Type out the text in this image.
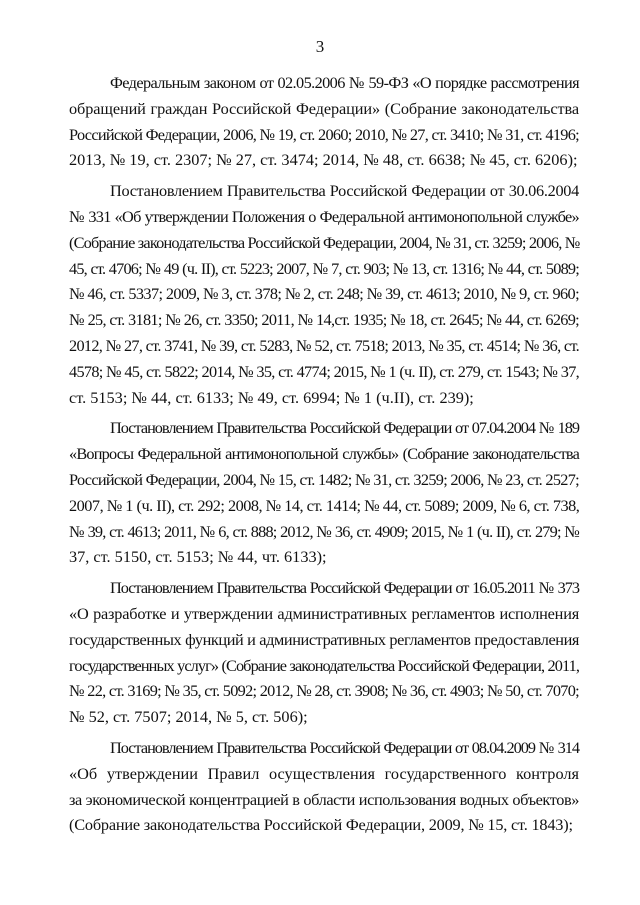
3

Федеральным законом от 02.05.2006 № 59-ФЗ «О порядке рассмотрения
обращений граждан Российской Федерации» (Собрание законодательства
Российской Федерации, 2006, № 19, ст. 2060; 2010, № 27, ст. 3410; № 31, ст. 4196;
2013, № 19, ст. 2307; № 27, ст. 3474; 2014, № 48, ст. 6638; № 45, ст. 6206);

Постановлением Правительства Российской Федерации от 30.06.2004
№ 331 «Об утверждении Положения о Федеральной антимонопольной службе»
(Собрание законодательства Российской Федерации, 2004, № 31, ст. 3259; 2006, №
45, ст. 4706; № 49 (ч. II), ст. 5223; 2007, № 7, ст. 903; № 13, ст. 1316; № 44, ст. 5089;
№ 46, ст. 5337; 2009, № 3, ст. 378; № 2, ст. 248; № 39, ст. 4613; 2010, № 9, ст. 960;
№ 25, ст. 3181; № 26, ст. 3350; 2011, № 14,ст. 1935; № 18, ст. 2645; № 44, ст. 6269;
2012, № 27, ст. 3741, № 39, ст. 5283, № 52, ст. 7518; 2013, № 35, ст. 4514; № 36, ст.
4578; № 45, ст. 5822; 2014, № 35, ст. 4774; 2015, № 1 (ч. II), ст. 279, ст. 1543; № 37,
ст. 5153; № 44, ст. 6133; № 49, ст. 6994; № 1 (ч.II), ст. 239);

Постановлением Правительства Российской Федерации от 07.04.2004 № 189
«Вопросы Федеральной антимонопольной службы» (Собрание законодательства
Российской Федерации, 2004, № 15, ст. 1482; № 31, ст. 3259; 2006, № 23, ст. 2527;
2007, № 1 (ч. II), ст. 292; 2008, № 14, ст. 1414; № 44, ст. 5089; 2009, № 6, ст. 738,
№ 39, ст. 4613; 2011, № 6, ст. 888; 2012, № 36, ст. 4909; 2015, № 1 (ч. II), ст. 279; №
37, ст. 5150, ст. 5153; № 44, чт. 6133);

Постановлением Правительства Российской Федерации от 16.05.2011 № 373
«О разработке и утверждении административных регламентов исполнения
государственных функций и административных регламентов предоставления
государственных услуг» (Собрание законодательства Российской Федерации, 2011,
№ 22, ст. 3169; № 35, ст. 5092; 2012, № 28, ст. 3908; № 36, ст. 4903; № 50, ст. 7070;
№ 52, ст. 7507; 2014, № 5, ст. 506);

Постановлением Правительства Российской Федерации от 08.04.2009 № 314
«Об утверждении Правил осуществления государственного контроля
за экономической концентрацией в области использования водных объектов»
(Собрание законодательства Российской Федерации, 2009, № 15, ст. 1843);
